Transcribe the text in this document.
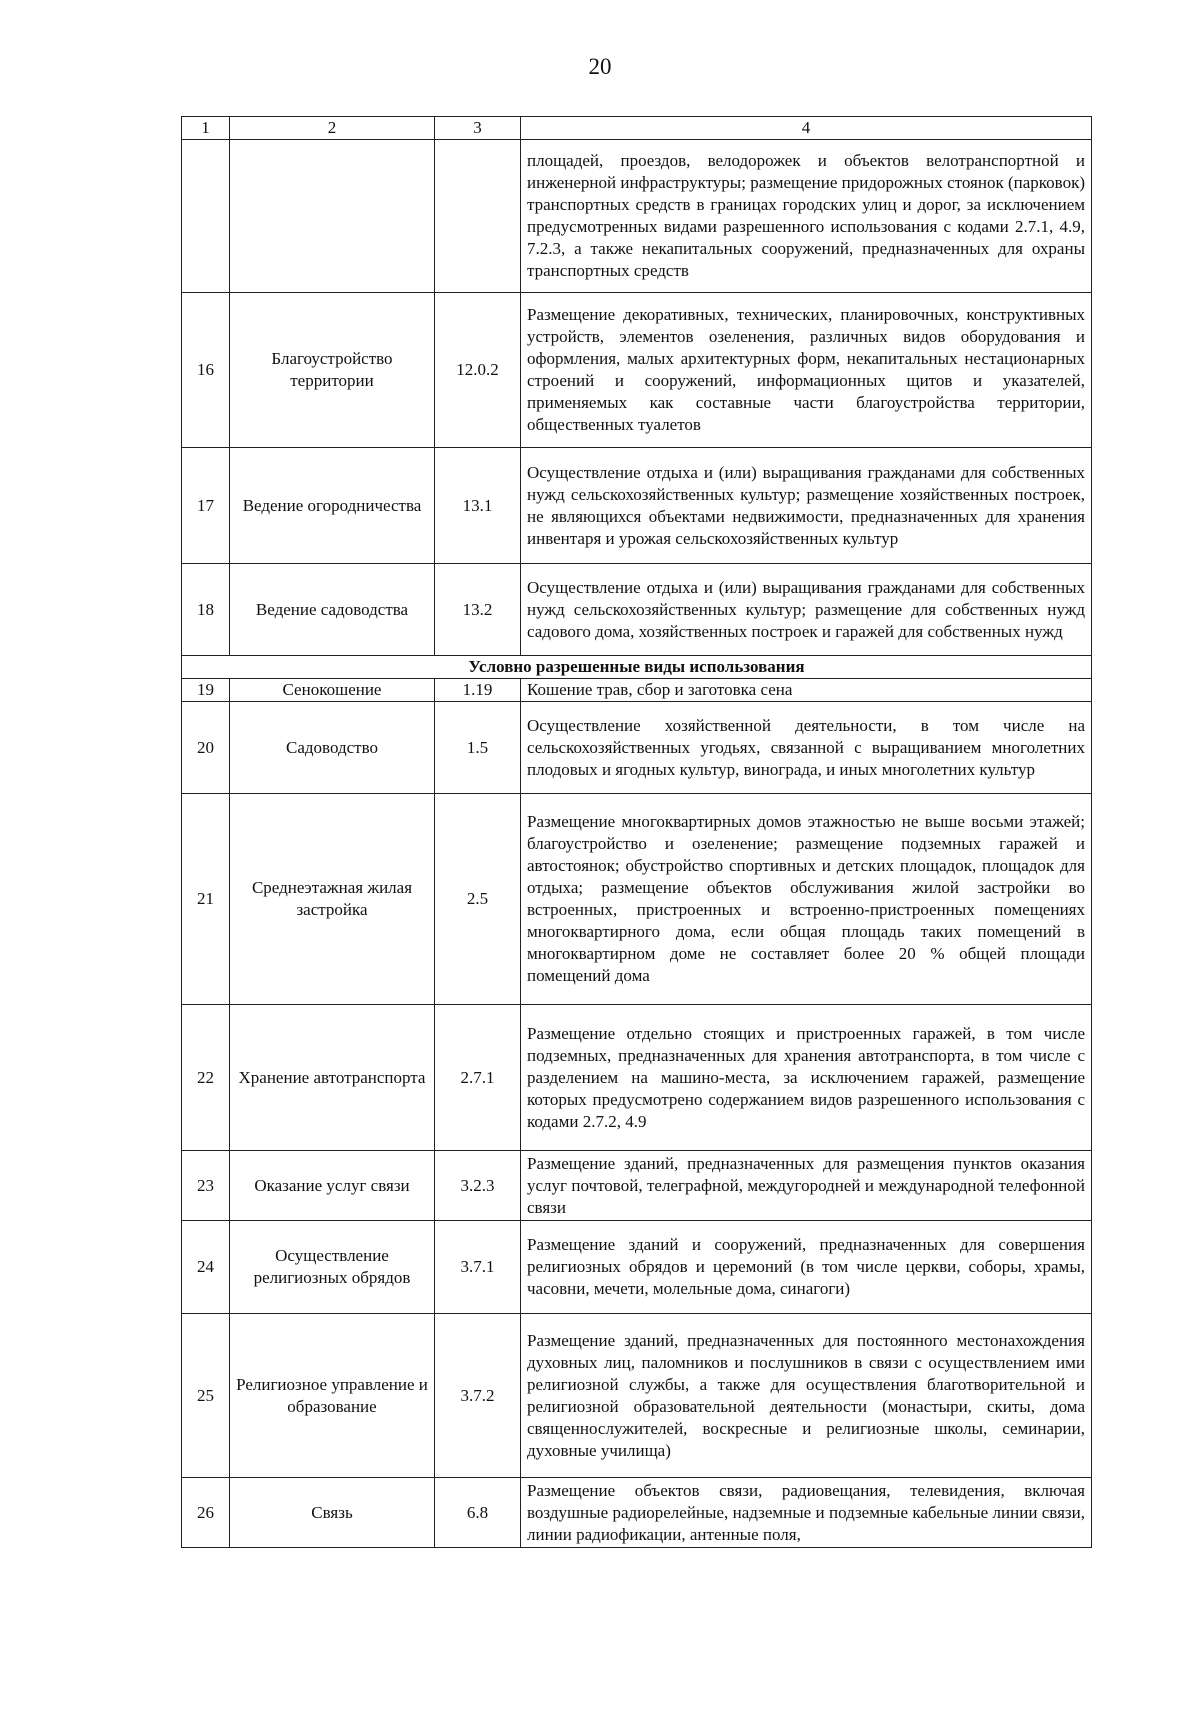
20
1	2	3	4
			площадей, проездов, велодорожек и объектов велотранспортной и инженерной инфраструктуры; размещение придорожных стоянок (парковок) транспортных средств в границах городских улиц и дорог, за исключением предусмотренных видами разрешенного использования с кодами 2.7.1, 4.9, 7.2.3, а также некапитальных сооружений, предназначенных для охраны транспортных средств
16	Благоустройство территории	12.0.2	Размещение декоративных, технических, планировочных, конструктивных устройств, элементов озеленения, различных видов оборудования и оформления, малых архитектурных форм, некапитальных нестационарных строений и сооружений, информационных щитов и указателей, применяемых как составные части благоустройства территории, общественных туалетов
17	Ведение огородничества	13.1	Осуществление отдыха и (или) выращивания гражданами для собственных нужд сельскохозяйственных культур; размещение хозяйственных построек, не являющихся объектами недвижимости, предназначенных для хранения инвентаря и урожая сельскохозяйственных культур
18	Ведение садоводства	13.2	Осуществление отдыха и (или) выращивания гражданами для собственных нужд сельскохозяйственных культур; размещение для собственных нужд садового дома, хозяйственных построек и гаражей для собственных нужд
Условно разрешенные виды использования			
19	Сенокошение	1.19	Кошение трав, сбор и заготовка сена
20	Садоводство	1.5	Осуществление хозяйственной деятельности, в том числе на сельскохозяйственных угодьях, связанной с выращиванием многолетних плодовых и ягодных культур, винограда, и иных многолетних культур
21	Среднеэтажная жилая застройка	2.5	Размещение многоквартирных домов этажностью не выше восьми этажей; благоустройство и озеленение; размещение подземных гаражей и автостоянок; обустройство спортивных и детских площадок, площадок для отдыха; размещение объектов обслуживания жилой застройки во встроенных, пристроенных и встроенно-пристроенных помещениях многоквартирного дома, если общая площадь таких помещений в многоквартирном доме не составляет более 20 % общей площади помещений дома
22	Хранение автотранспорта	2.7.1	Размещение отдельно стоящих и пристроенных гаражей, в том числе подземных, предназначенных для хранения автотранспорта, в том числе с разделением на машино-места, за исключением гаражей, размещение которых предусмотрено содержанием видов разрешенного использования с кодами 2.7.2, 4.9
23	Оказание услуг связи	3.2.3	Размещение зданий, предназначенных для размещения пунктов оказания услуг почтовой, телеграфной, междугородней и международной телефонной связи
24	Осуществление религиозных обрядов	3.7.1	Размещение зданий и сооружений, предназначенных для совершения религиозных обрядов и церемоний (в том числе церкви, соборы, храмы, часовни, мечети, молельные дома, синагоги)
25	Религиозное управление и образование	3.7.2	Размещение зданий, предназначенных для постоянного местонахождения духовных лиц, паломников и послушников в связи с осуществлением ими религиозной службы, а также для осуществления благотворительной и религиозной образовательной деятельности (монастыри, скиты, дома священнослужителей, воскресные и религиозные школы, семинарии, духовные училища)
26	Связь	6.8	Размещение объектов связи, радиовещания, телевидения, включая воздушные радиорелейные, надземные и подземные кабельные линии связи, линии радиофикации, антенные поля,
